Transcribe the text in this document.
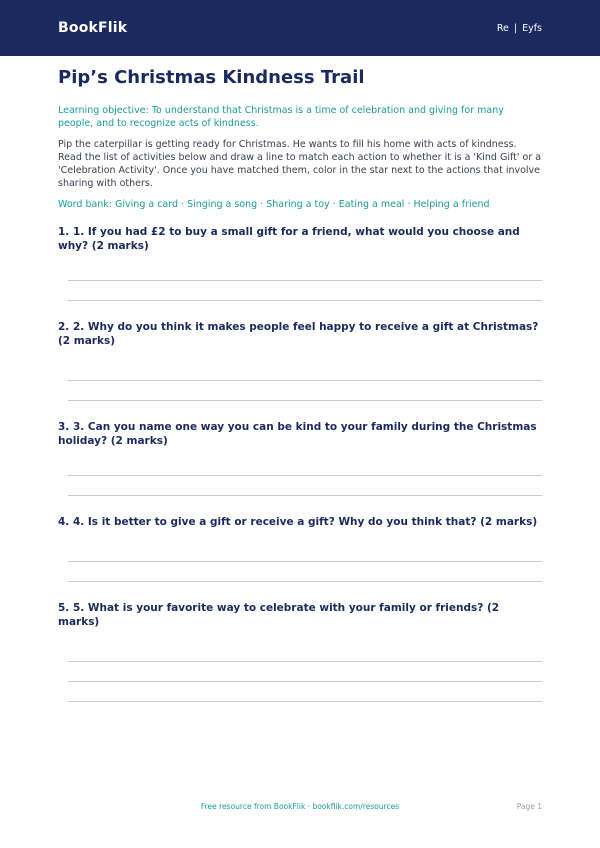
BookFlik	Re | Eyfs
Pip’s Christmas Kindness Trail

Learning objective: To understand that Christmas is a time of celebration and giving for many people, and to recognize acts of kindness.

Pip the caterpillar is getting ready for Christmas. He wants to fill his home with acts of kindness. Read the list of activities below and draw a line to match each action to whether it is a 'Kind Gift' or a 'Celebration Activity'. Once you have matched them, color in the star next to the actions that involve sharing with others.

Word bank: Giving a card · Singing a song · Sharing a toy · Eating a meal · Helping a friend

1. 1. If you had £2 to buy a small gift for a friend, what would you choose and why? (2 marks)
2. 2. Why do you think it makes people feel happy to receive a gift at Christmas? (2 marks)
3. 3. Can you name one way you can be kind to your family during the Christmas holiday? (2 marks)
4. 4. Is it better to give a gift or receive a gift? Why do you think that? (2 marks)
5. 5. What is your favorite way to celebrate with your family or friends? (2 marks)
Free resource from BookFlik · bookflik.com/resources	Page 1
